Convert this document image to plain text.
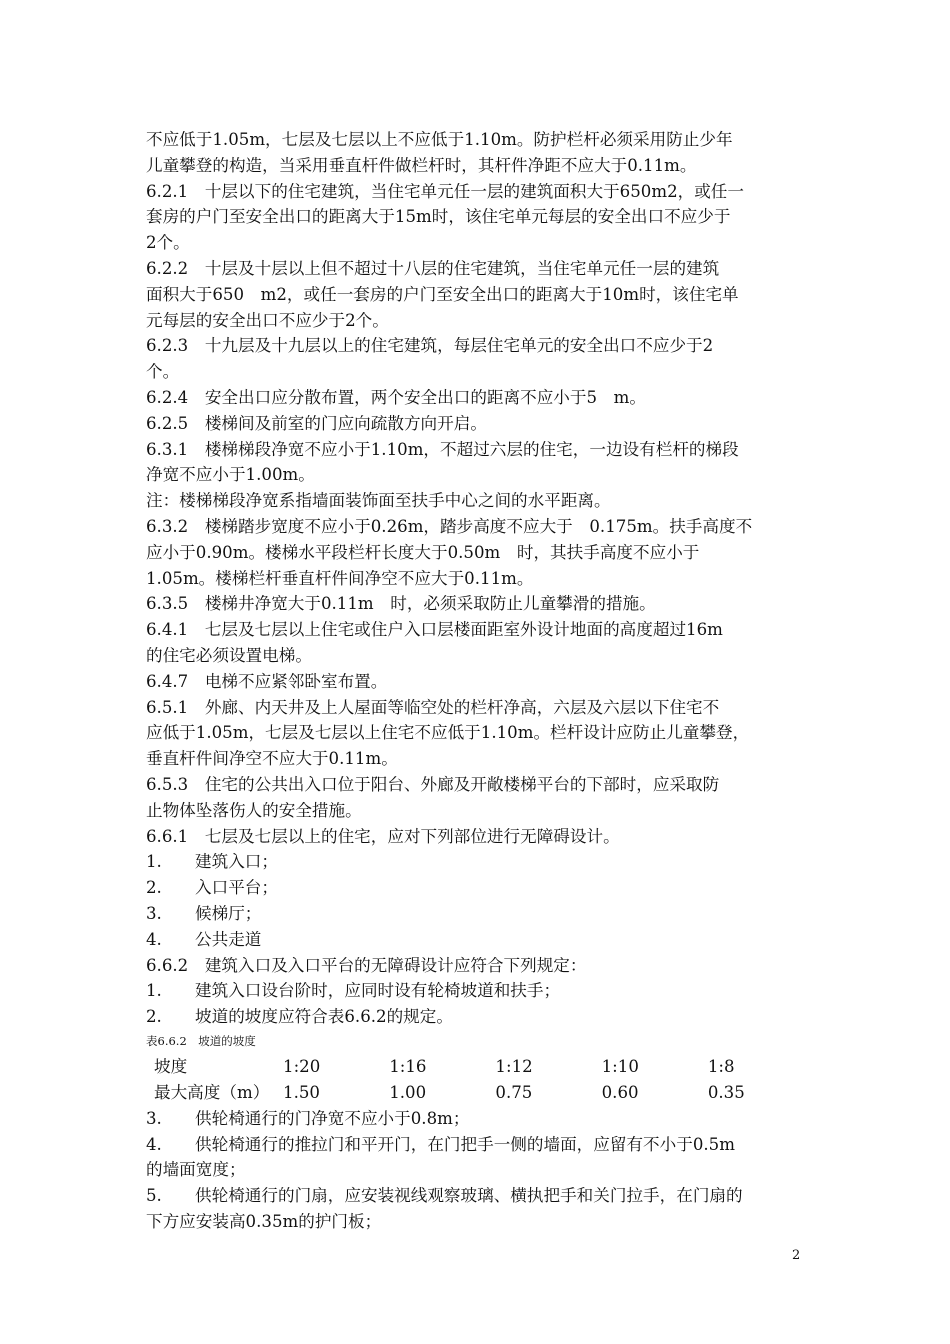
不应低于1.05m，七层及七层以上不应低于1.10m。防护栏杆必须采用防止少年
儿童攀登的构造，当采用垂直杆件做栏杆时，其杆件净距不应大于0.11m。
6.2.1　十层以下的住宅建筑，当住宅单元任一层的建筑面积大于650m2，或任一
套房的户门至安全出口的距离大于15m时，该住宅单元每层的安全出口不应少于
2个。
6.2.2　十层及十层以上但不超过十八层的住宅建筑，当住宅单元任一层的建筑
面积大于650　m2，或任一套房的户门至安全出口的距离大于10m时，该住宅单
元每层的安全出口不应少于2个。
6.2.3　十九层及十九层以上的住宅建筑，每层住宅单元的安全出口不应少于2
个。
6.2.4　安全出口应分散布置，两个安全出口的距离不应小于5　m。
6.2.5　楼梯间及前室的门应向疏散方向开启。
6.3.1　楼梯梯段净宽不应小于1.10m，不超过六层的住宅，一边设有栏杆的梯段
净宽不应小于1.00m。
注：楼梯梯段净宽系指墙面装饰面至扶手中心之间的水平距离。
6.3.2　楼梯踏步宽度不应小于0.26m，踏步高度不应大于　0.175m。扶手高度不
应小于0.90m。楼梯水平段栏杆长度大于0.50m　时，其扶手高度不应小于
1.05m。楼梯栏杆垂直杆件间净空不应大于0.11m。
6.3.5　楼梯井净宽大于0.11m　时，必须采取防止儿童攀滑的措施。
6.4.1　七层及七层以上住宅或住户入口层楼面距室外设计地面的高度超过16m
的住宅必须设置电梯。
6.4.7　电梯不应紧邻卧室布置。
6.5.1　外廊、内天井及上人屋面等临空处的栏杆净高，六层及六层以下住宅不
应低于1.05m，七层及七层以上住宅不应低于1.10m。栏杆设计应防止儿童攀登，
垂直杆件间净空不应大于0.11m。
6.5.3　住宅的公共出入口位于阳台、外廊及开敞楼梯平台的下部时，应采取防
止物体坠落伤人的安全措施。
6.6.1　七层及七层以上的住宅，应对下列部位进行无障碍设计。
1.　　建筑入口；
2.　　入口平台；
3.　　候梯厅；
4.　　公共走道
6.6.2　建筑入口及入口平台的无障碍设计应符合下列规定：
1.　　建筑入口设台阶时，应同时设有轮椅坡道和扶手；
2.　　坡道的坡度应符合表6.6.2的规定。
表6.6.2　坡道的坡度
坡度	1:20	1:16	1:12	1:10	1:8
最大高度（m） 1.50	1.00	0.75	0.60	0.35
3.　　供轮椅通行的门净宽不应小于0.8m；
4.　　供轮椅通行的推拉门和平开门，在门把手一侧的墙面，应留有不小于0.5m
的墙面宽度；
5.　　供轮椅通行的门扇，应安装视线观察玻璃、横执把手和关门拉手，在门扇的
下方应安装高0.35m的护门板；
2
